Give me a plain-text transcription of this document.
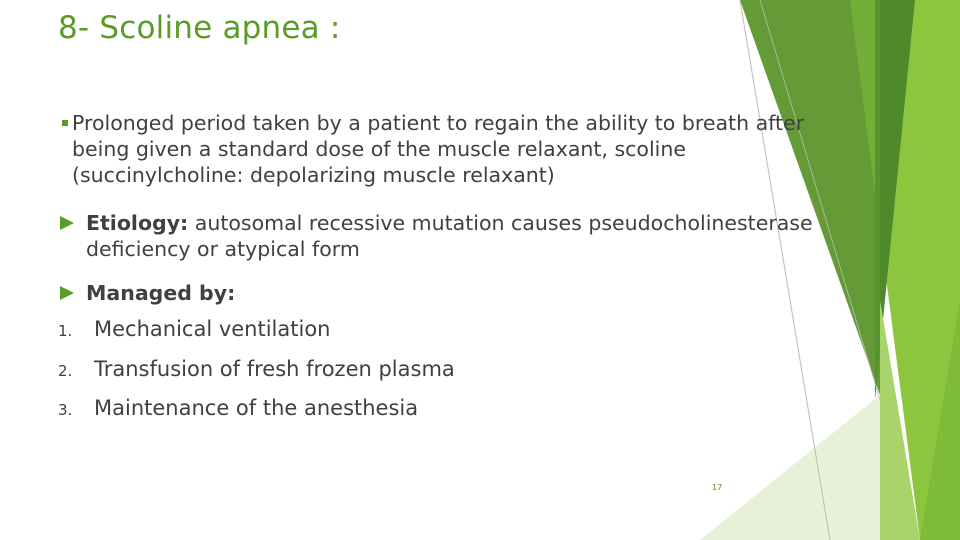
8- Scoline apnea :
Prolonged period taken by a patient to regain the ability to breath after
being given a standard dose of the muscle relaxant, scoline
(succinylcholine: depolarizing muscle relaxant)
Etiology: autosomal recessive mutation causes pseudocholinesterase
deficiency or atypical form
Managed by:
1. Mechanical ventilation
2. Transfusion of fresh frozen plasma
3. Maintenance of the anesthesia
17
